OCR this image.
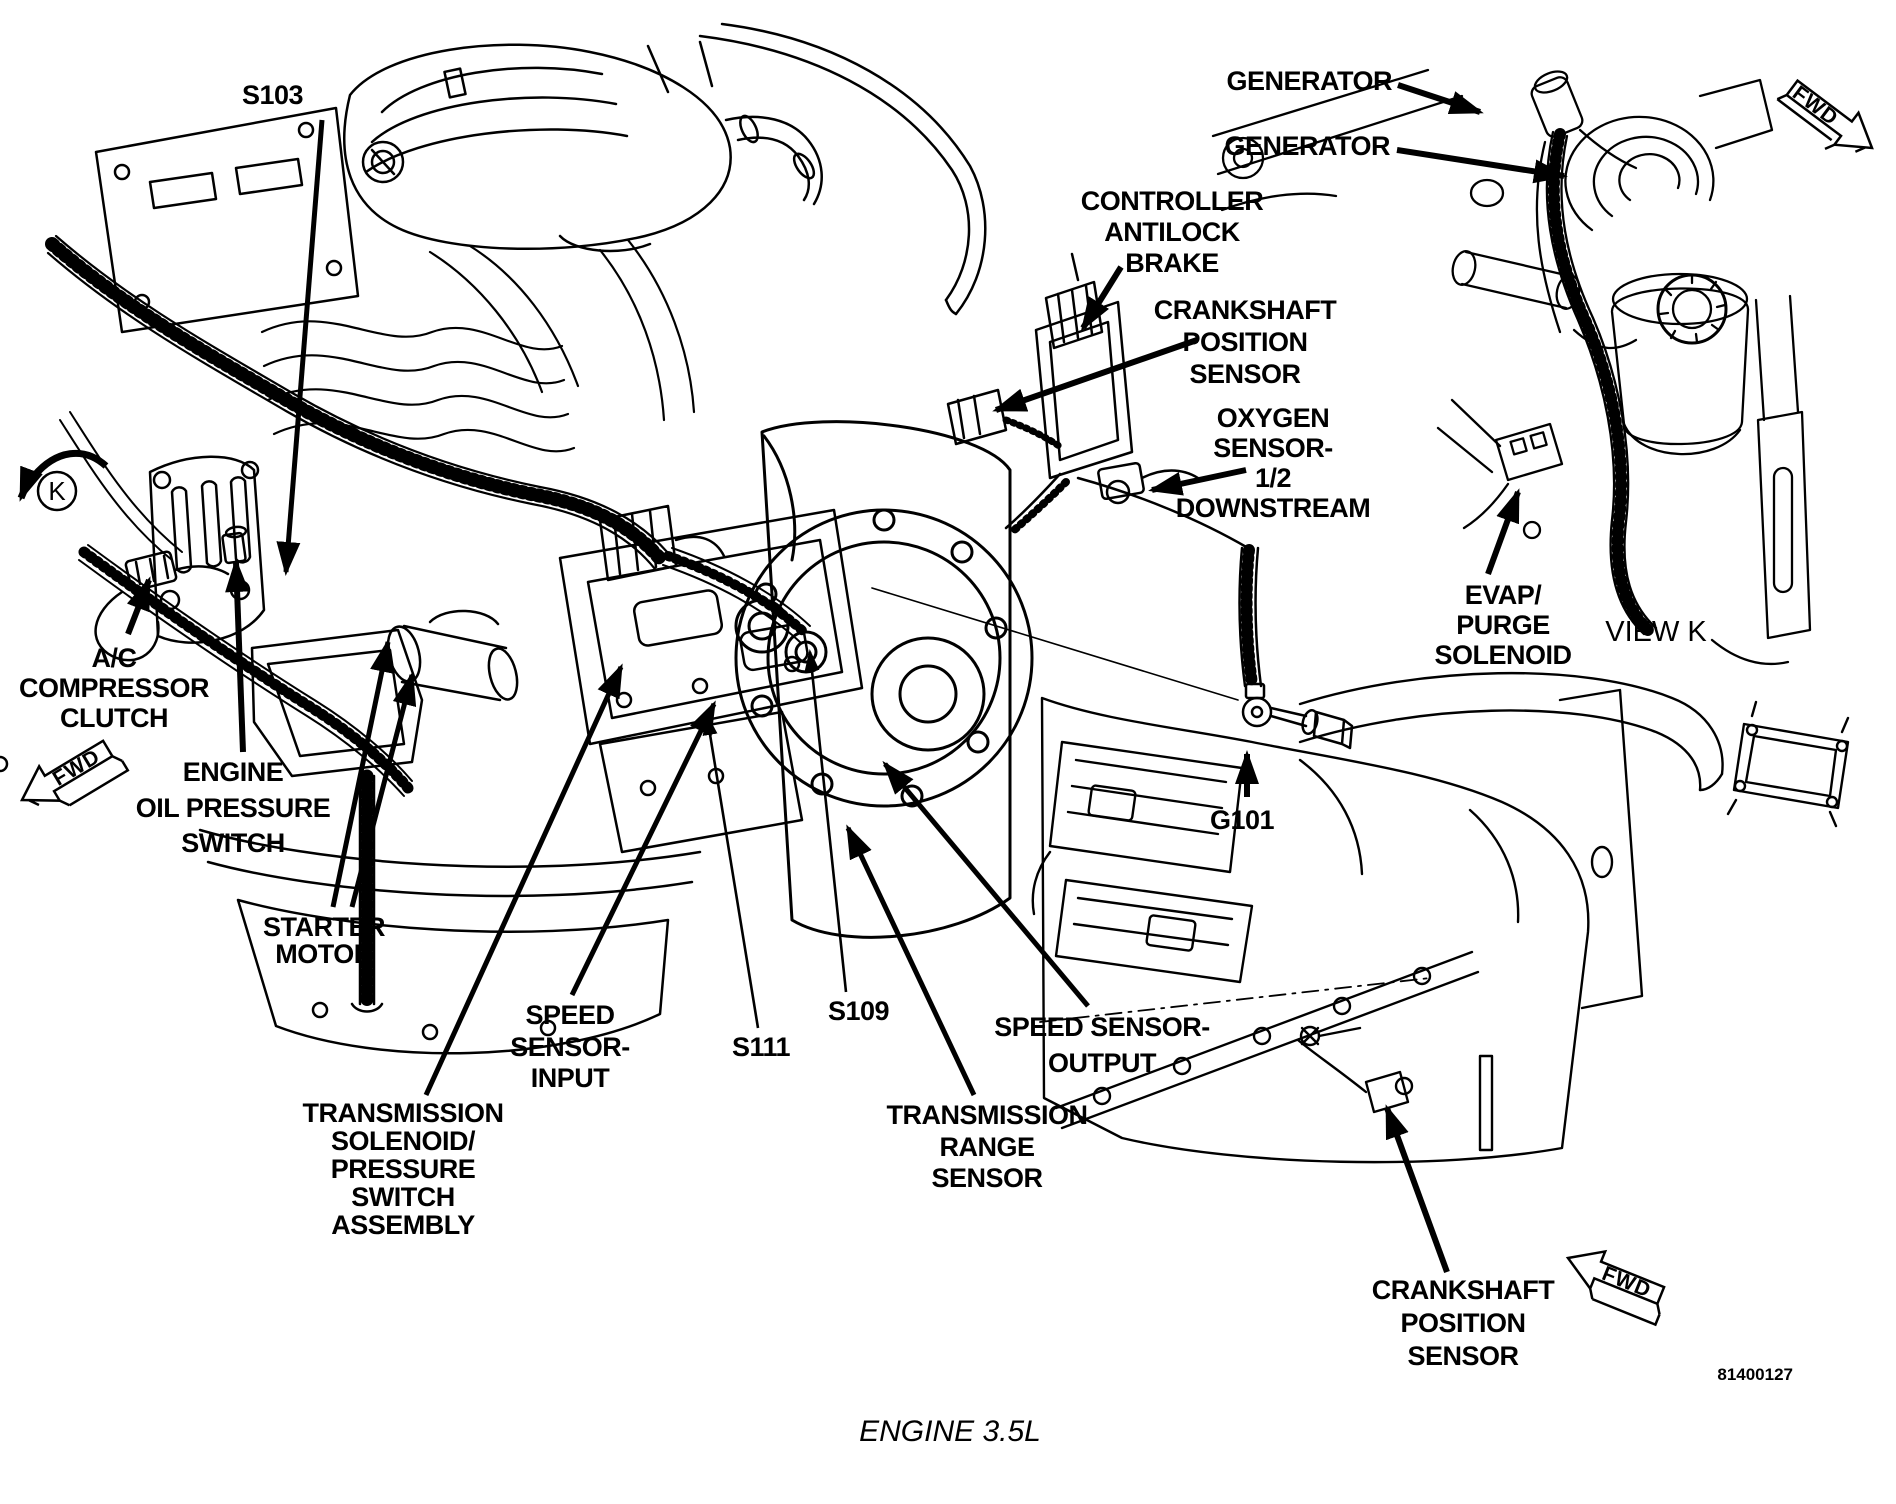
FWD
FWD
FWD
K
S103	GENERATOR
GENERATOR
CONTROLLER
ANTILOCK
BRAKE
CRANKSHAFT
POSITION
SENSOR
OXYGEN
SENSOR-
1/2
DOWNSTREAM
EVAP/
PURGE
SOLENOID
VIEW K
A/C
COMPRESSOR
CLUTCH
ENGINE
OIL PRESSURE
SWITCH
STARTER
MOTOR
SPEED
SENSOR-
INPUT
S111
S109
SPEED SENSOR-
OUTPUT
TRANSMISSION
SOLENOID/
PRESSURE
SWITCH
ASSEMBLY
TRANSMISSION
RANGE
SENSOR
G101
CRANKSHAFT
POSITION
SENSOR
81400127
ENGINE 3.5L
